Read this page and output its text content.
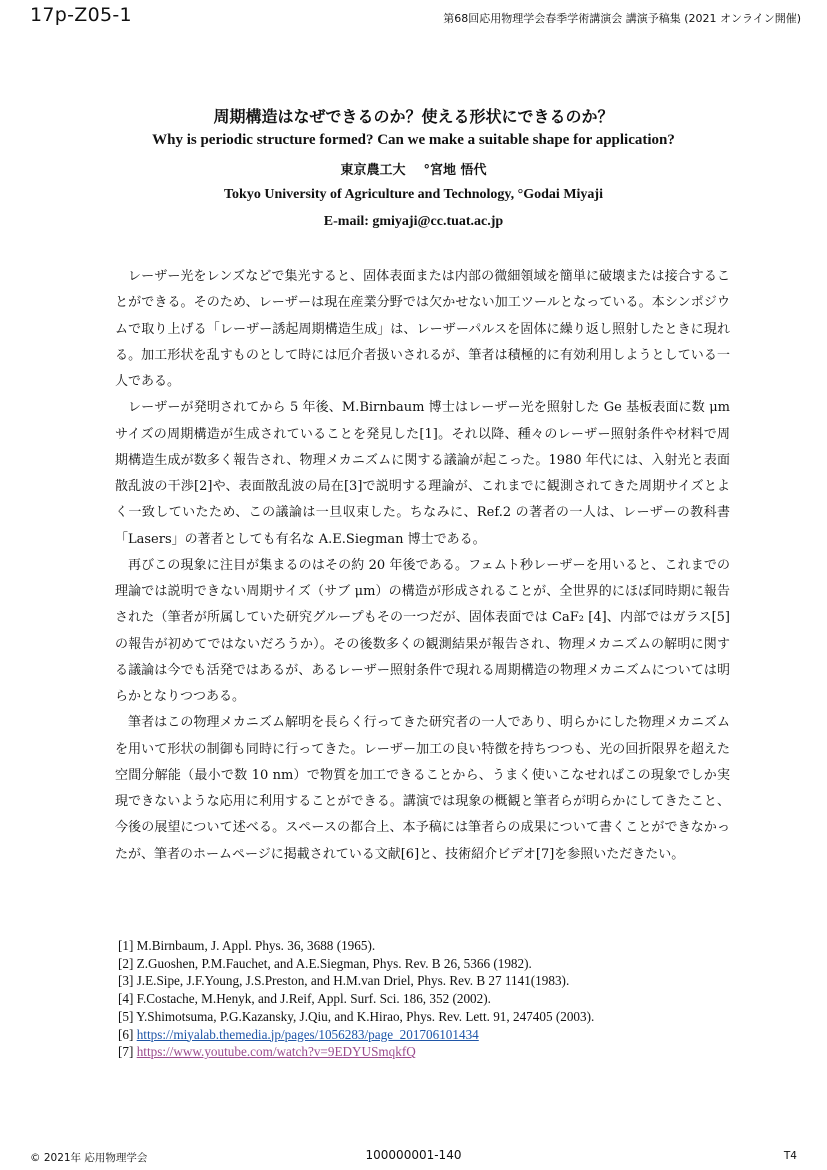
17p-Z05-1	第68回応用物理学会春季学術講演会 講演予稿集 (2021 オンライン開催)
周期構造はなぜできるのか？使える形状にできるのか？
Why is periodic structure formed? Can we make a suitable shape for application?
東京農工大 °宮地 悟代
Tokyo University of Agriculture and Technology, °Godai Miyaji
E-mail: gmiyaji@cc.tuat.ac.jp

レーザー光をレンズなどで集光すると、固体表面または内部の微細領域を簡単に破壊または接合することができる。そのため、レーザーは現在産業分野では欠かせない加工ツールとなっている。本シンポジウムで取り上げる「レーザー誘起周期構造生成」は、レーザーパルスを固体に繰り返し照射したときに現れる。加工形状を乱すものとして時には厄介者扱いされるが、筆者は積極的に有効利用しようとしている一人である。

レーザーが発明されてから 5 年後、M.Birnbaum 博士はレーザー光を照射した Ge 基板表面に数 μm サイズの周期構造が生成されていることを発見した[1]。それ以降、種々のレーザー照射条件や材料で周期構造生成が数多く報告され、物理メカニズムに関する議論が起こった。1980 年代には、入射光と表面散乱波の干渉[2]や、表面散乱波の局在[3]で説明する理論が、これまでに観測されてきた周期サイズとよく一致していたため、この議論は一旦収束した。ちなみに、Ref.2 の著者の一人は、レーザーの教科書「Lasers」の著者としても有名な A.E.Siegman 博士である。

再びこの現象に注目が集まるのはその約 20 年後である。フェムト秒レーザーを用いると、これまでの理論では説明できない周期サイズ（サブ μm）の構造が形成されることが、全世界的にほぼ同時期に報告された（筆者が所属していた研究グループもその一つだが、固体表面では CaF₂ [4]、内部ではガラス[5]の報告が初めてではないだろうか）。その後数多くの観測結果が報告され、物理メカニズムの解明に関する議論は今でも活発ではあるが、あるレーザー照射条件で現れる周期構造の物理メカニズムについては明らかとなりつつある。

筆者はこの物理メカニズム解明を長らく行ってきた研究者の一人であり、明らかにした物理メカニズムを用いて形状の制御も同時に行ってきた。レーザー加工の良い特徴を持ちつつも、光の回折限界を超えた空間分解能（最小で数 10 nm）で物質を加工できることから、うまく使いこなせればこの現象でしか実現できないような応用に利用することができる。講演では現象の概観と筆者らが明らかにしてきたこと、今後の展望について述べる。スペースの都合上、本予稿には筆者らの成果について書くことができなかったが、筆者のホームページに掲載されている文献[6]と、技術紹介ビデオ[7]を参照いただきたい。

[1] M.Birnbaum, J. Appl. Phys. 36, 3688 (1965).
[2] Z.Guoshen, P.M.Fauchet, and A.E.Siegman, Phys. Rev. B 26, 5366 (1982).
[3] J.E.Sipe, J.F.Young, J.S.Preston, and H.M.van Driel, Phys. Rev. B 27 1141(1983).
[4] F.Costache, M.Henyk, and J.Reif, Appl. Surf. Sci. 186, 352 (2002).
[5] Y.Shimotsuma, P.G.Kazansky, J.Qiu, and K.Hirao, Phys. Rev. Lett. 91, 247405 (2003).
[6] https://miyalab.themedia.jp/pages/1056283/page_201706101434
[7] https://www.youtube.com/watch?v=9EDYUSmqkfQ
© 2021年 応用物理学会	100000001-140	T4
